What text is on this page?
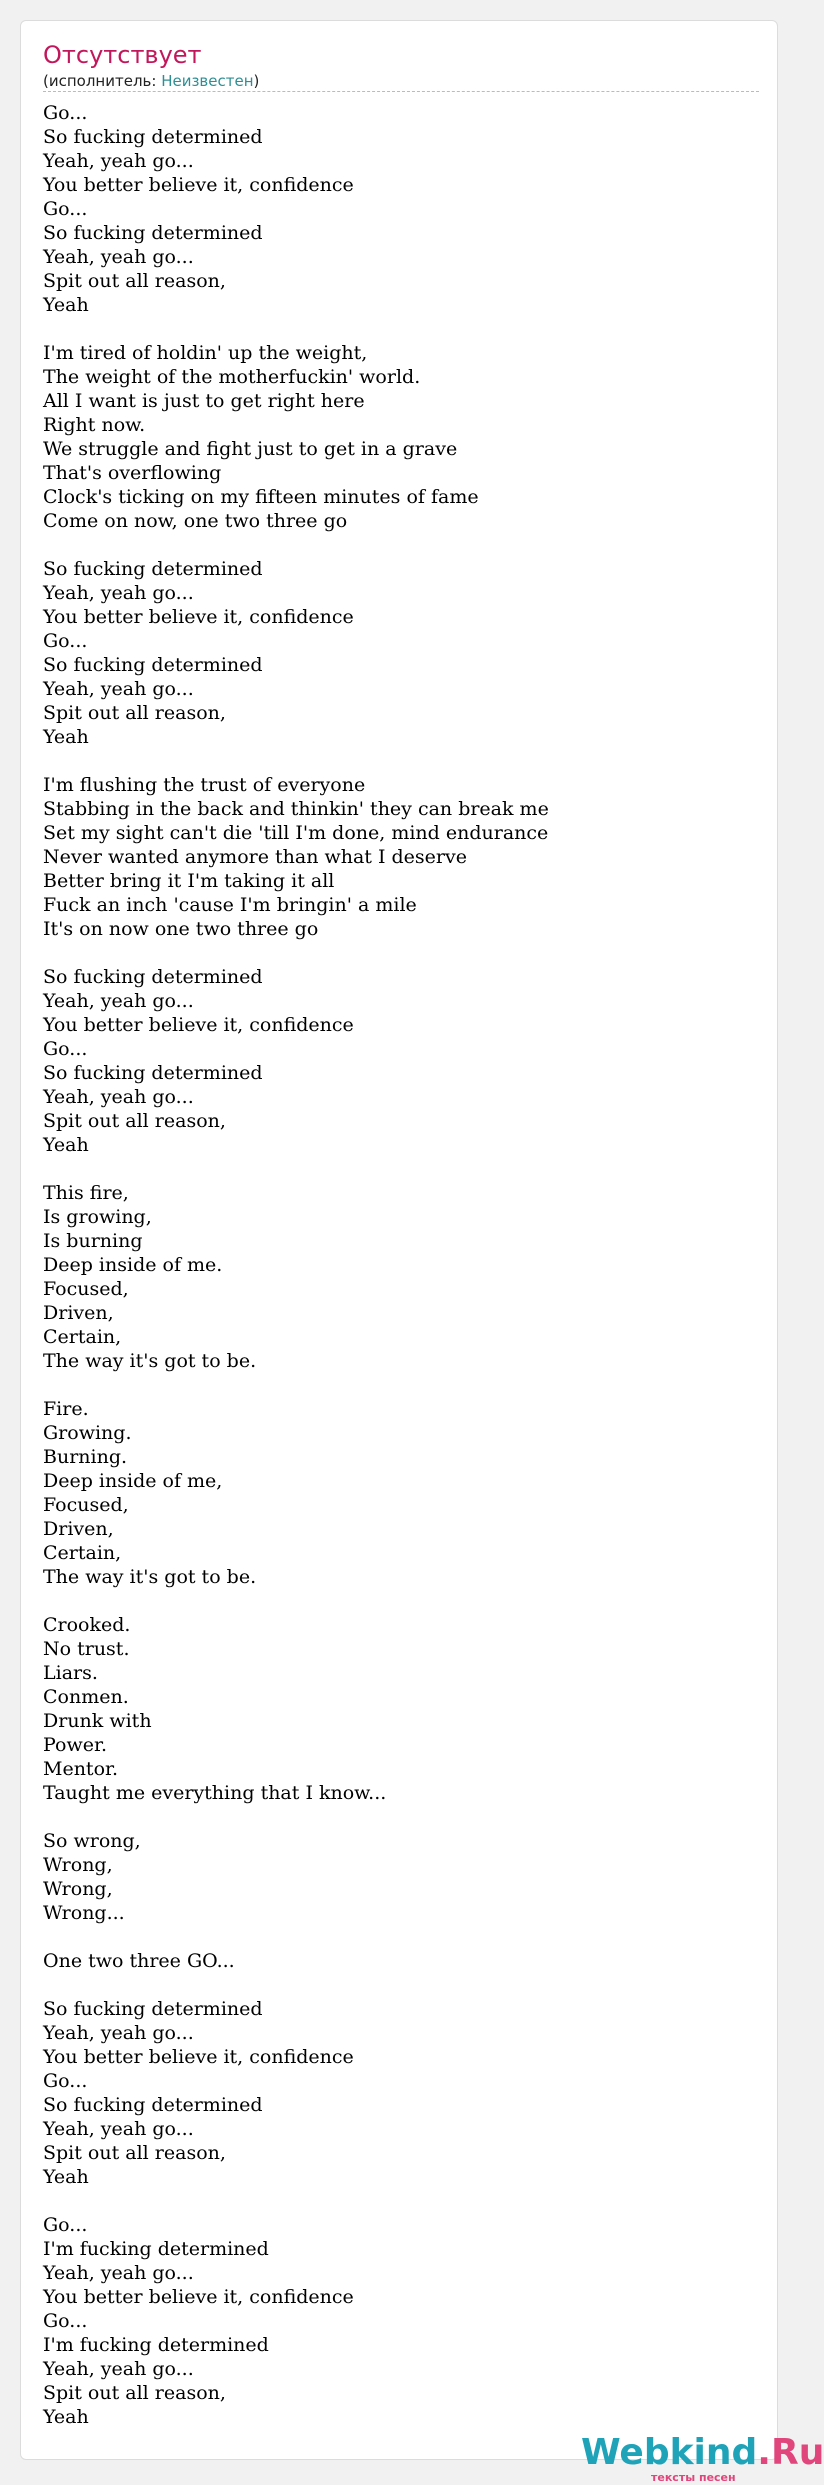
Отсутствует
(исполнитель: Неизвестен)
Go...
So fucking determined
Yeah, yeah go...
You better believe it, confidence
Go...
So fucking determined
Yeah, yeah go...
Spit out all reason,
Yeah

I'm tired of holdin' up the weight,
The weight of the motherfuckin' world.
All I want is just to get right here
Right now.
We struggle and fight just to get in a grave
That's overflowing
Clock's ticking on my fifteen minutes of fame
Come on now, one two three go

So fucking determined
Yeah, yeah go...
You better believe it, confidence
Go...
So fucking determined
Yeah, yeah go...
Spit out all reason,
Yeah

I'm flushing the trust of everyone
Stabbing in the back and thinkin' they can break me
Set my sight can't die 'till I'm done, mind endurance
Never wanted anymore than what I deserve
Better bring it I'm taking it all
Fuck an inch 'cause I'm bringin' a mile
It's on now one two three go

So fucking determined
Yeah, yeah go...
You better believe it, confidence
Go...
So fucking determined
Yeah, yeah go...
Spit out all reason,
Yeah

This fire,
Is growing,
Is burning
Deep inside of me.
Focused,
Driven,
Certain,
The way it's got to be.

Fire.
Growing.
Burning.
Deep inside of me,
Focused,
Driven,
Certain,
The way it's got to be.

Crooked.
No trust.
Liars.
Conmen.
Drunk with
Power.
Mentor.
Taught me everything that I know...

So wrong,
Wrong,
Wrong,
Wrong...

One two three GO...

So fucking determined
Yeah, yeah go...
You better believe it, confidence
Go...
So fucking determined
Yeah, yeah go...
Spit out all reason,
Yeah

Go...
I'm fucking determined
Yeah, yeah go...
You better believe it, confidence
Go...
I'm fucking determined
Yeah, yeah go...
Spit out all reason,
Yeah
Webkind.Ru
тексты песен
